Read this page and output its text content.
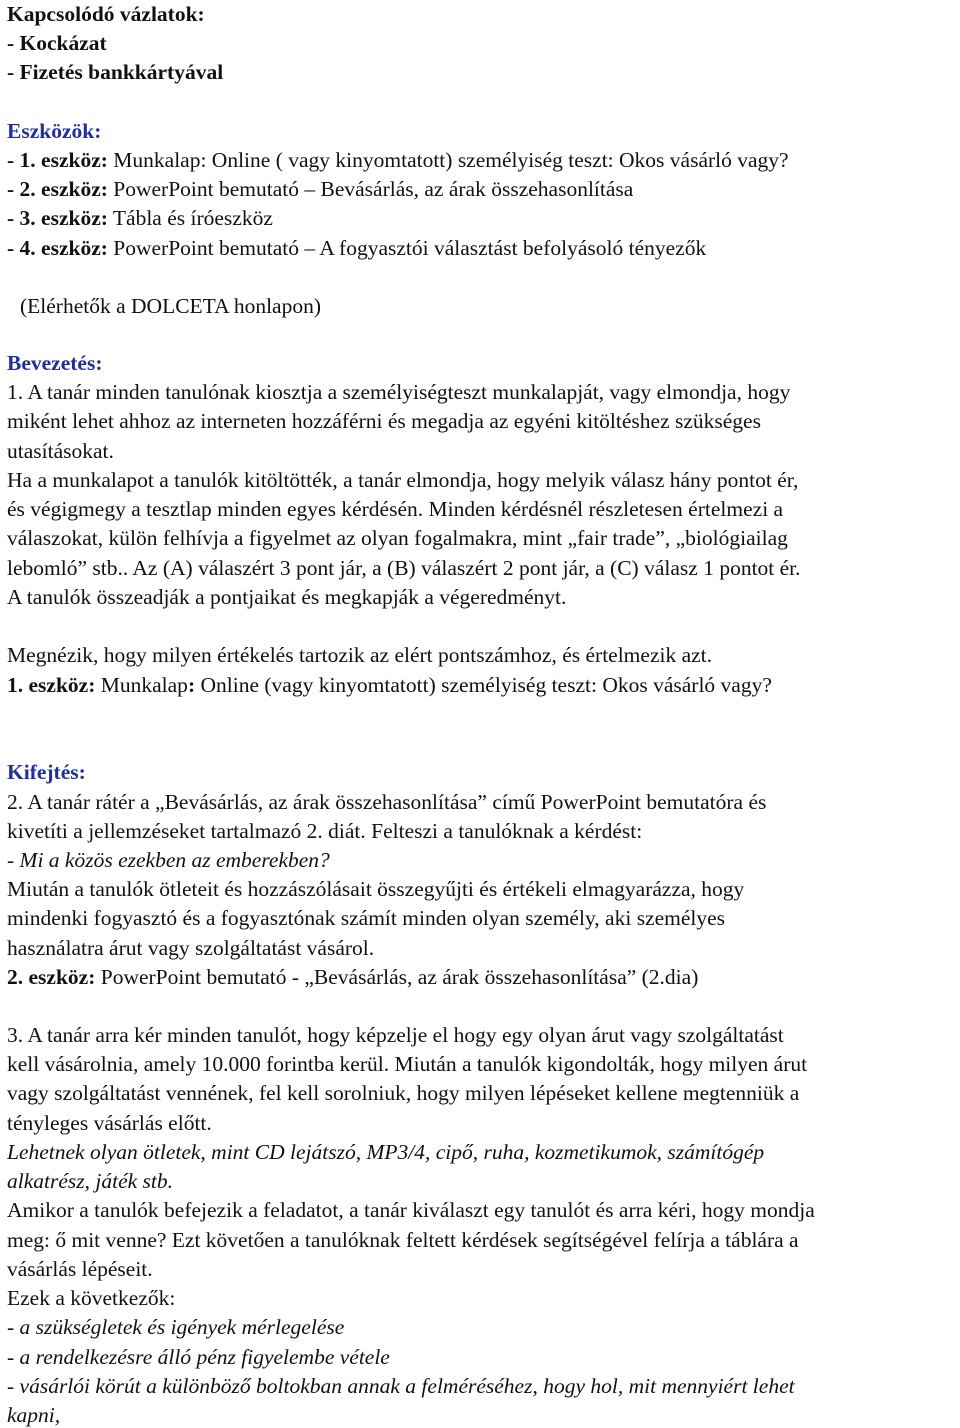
Kapcsolódó vázlatok:
- Kockázat
- Fizetés bankkártyával
Eszközök:
- 1. eszköz: Munkalap: Online ( vagy kinyomtatott) személyiség teszt: Okos vásárló vagy?
- 2. eszköz: PowerPoint bemutató – Bevásárlás, az árak összehasonlítása
- 3. eszköz: Tábla és íróeszköz
- 4. eszköz: PowerPoint bemutató – A fogyasztói választást befolyásoló tényezők
(Elérhetők a DOLCETA honlapon)
Bevezetés:
1. A tanár minden tanulónak kiosztja a személyiségteszt munkalapját, vagy elmondja, hogy
miként lehet ahhoz az interneten hozzáférni és megadja az egyéni kitöltéshez szükséges
utasításokat.
Ha a munkalapot a tanulók kitöltötték, a tanár elmondja, hogy melyik válasz hány pontot ér,
és végigmegy a tesztlap minden egyes kérdésén. Minden kérdésnél részletesen értelmezi a
válaszokat, külön felhívja a figyelmet az olyan fogalmakra, mint „fair trade”, „biológiailag
lebomló” stb.. Az (A) válaszért 3 pont jár, a (B) válaszért 2 pont jár, a (C) válasz 1 pontot ér.
A tanulók összeadják a pontjaikat és megkapják a végeredményt.
Megnézik, hogy milyen értékelés tartozik az elért pontszámhoz, és értelmezik azt.
1. eszköz: Munkalap: Online (vagy kinyomtatott) személyiség teszt: Okos vásárló vagy?
Kifejtés:
2. A tanár rátér a „Bevásárlás, az árak összehasonlítása” című PowerPoint bemutatóra és
kivetíti a jellemzéseket tartalmazó 2. diát. Felteszi a tanulóknak a kérdést:
- Mi a közös ezekben az emberekben?
Miután a tanulók ötleteit és hozzászólásait összegyűjti és értékeli elmagyarázza, hogy
mindenki fogyasztó és a fogyasztónak számít minden olyan személy, aki személyes
használatra árut vagy szolgáltatást vásárol.
2. eszköz: PowerPoint bemutató - „Bevásárlás, az árak összehasonlítása” (2.dia)
3. A tanár arra kér minden tanulót, hogy képzelje el hogy egy olyan árut vagy szolgáltatást
kell vásárolnia, amely 10.000 forintba kerül. Miután a tanulók kigondolták, hogy milyen árut
vagy szolgáltatást vennének, fel kell sorolniuk, hogy milyen lépéseket kellene megtenniük a
tényleges vásárlás előtt.
Lehetnek olyan ötletek, mint CD lejátszó, MP3/4, cipő, ruha, kozmetikumok, számítógép
alkatrész, játék stb.
Amikor a tanulók befejezik a feladatot, a tanár kiválaszt egy tanulót és arra kéri, hogy mondja
meg: ő mit venne? Ezt követően a tanulóknak feltett kérdések segítségével felírja a táblára a
vásárlás lépéseit.
Ezek a következők:
- a szükségletek és igények mérlegelése
- a rendelkezésre álló pénz figyelembe vétele
- vásárlói körút a különböző boltokban annak a felméréséhez, hogy hol, mit mennyiért lehet
kapni,
